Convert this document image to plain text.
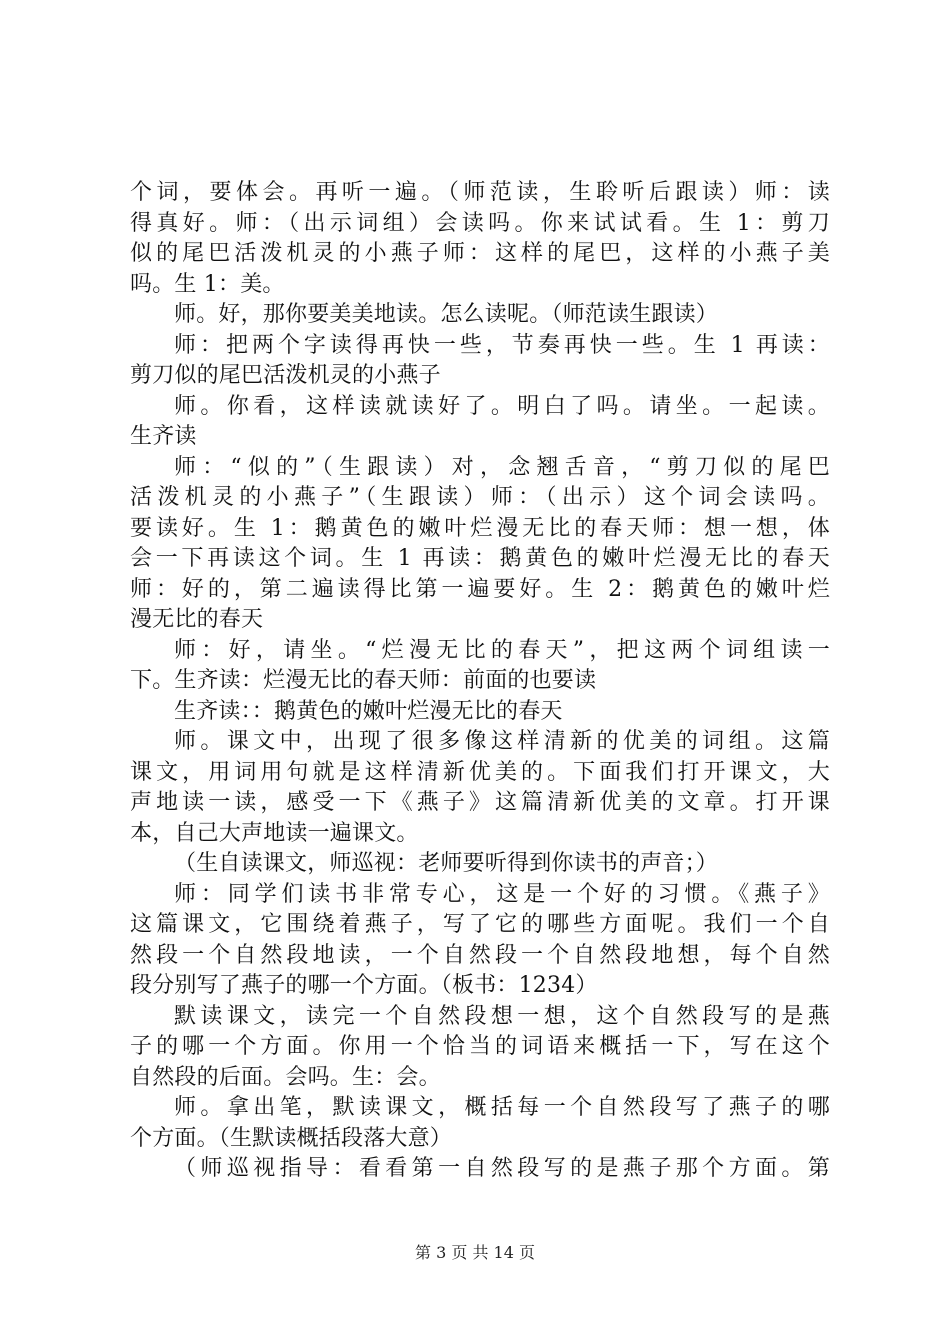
个词，要体会。再听一遍。（师范读，生聆听后跟读）师：读
得真好。师：（出示词组）会读吗。你来试试看。生 1：剪刀
似的尾巴活泼机灵的小燕子师：这样的尾巴，这样的小燕子美
吗。生 1：美。
师。好，那你要美美地读。怎么读呢。（师范读生跟读）
师：把两个字读得再快一些，节奏再快一些。生 1 再读：
剪刀似的尾巴活泼机灵的小燕子
师。你看，这样读就读好了。明白了吗。请坐。一起读。
生齐读
师：“似的”（生跟读）对，念翘舌音，“剪刀似的尾巴
活泼机灵的小燕子”（生跟读）师：（出示）这个词会读吗。
要读好。生 1：鹅黄色的嫩叶烂漫无比的春天师：想一想，体
会一下再读这个词。生 1 再读：鹅黄色的嫩叶烂漫无比的春天
师：好的，第二遍读得比第一遍要好。生 2：鹅黄色的嫩叶烂
漫无比的春天
师：好，请坐。“烂漫无比的春天”，把这两个词组读一
下。生齐读：烂漫无比的春天师：前面的也要读
生齐读：：鹅黄色的嫩叶烂漫无比的春天
师。课文中，出现了很多像这样清新的优美的词组。这篇
课文，用词用句就是这样清新优美的。下面我们打开课文，大
声地读一读，感受一下《燕子》这篇清新优美的文章。打开课
本，自己大声地读一遍课文。
（生自读课文，师巡视：老师要听得到你读书的声音；）
师：同学们读书非常专心，这是一个好的习惯。《燕子》
这篇课文，它围绕着燕子，写了它的哪些方面呢。我们一个自
然段一个自然段地读，一个自然段一个自然段地想，每个自然
段分别写了燕子的哪一个方面。（板书：1234）
默读课文，读完一个自然段想一想，这个自然段写的是燕
子的哪一个方面。你用一个恰当的词语来概括一下，写在这个
自然段的后面。会吗。生：会。
师。拿出笔，默读课文，概括每一个自然段写了燕子的哪
个方面。（生默读概括段落大意）
（师巡视指导：看看第一自然段写的是燕子那个方面。第
第 3 页 共 14 页
